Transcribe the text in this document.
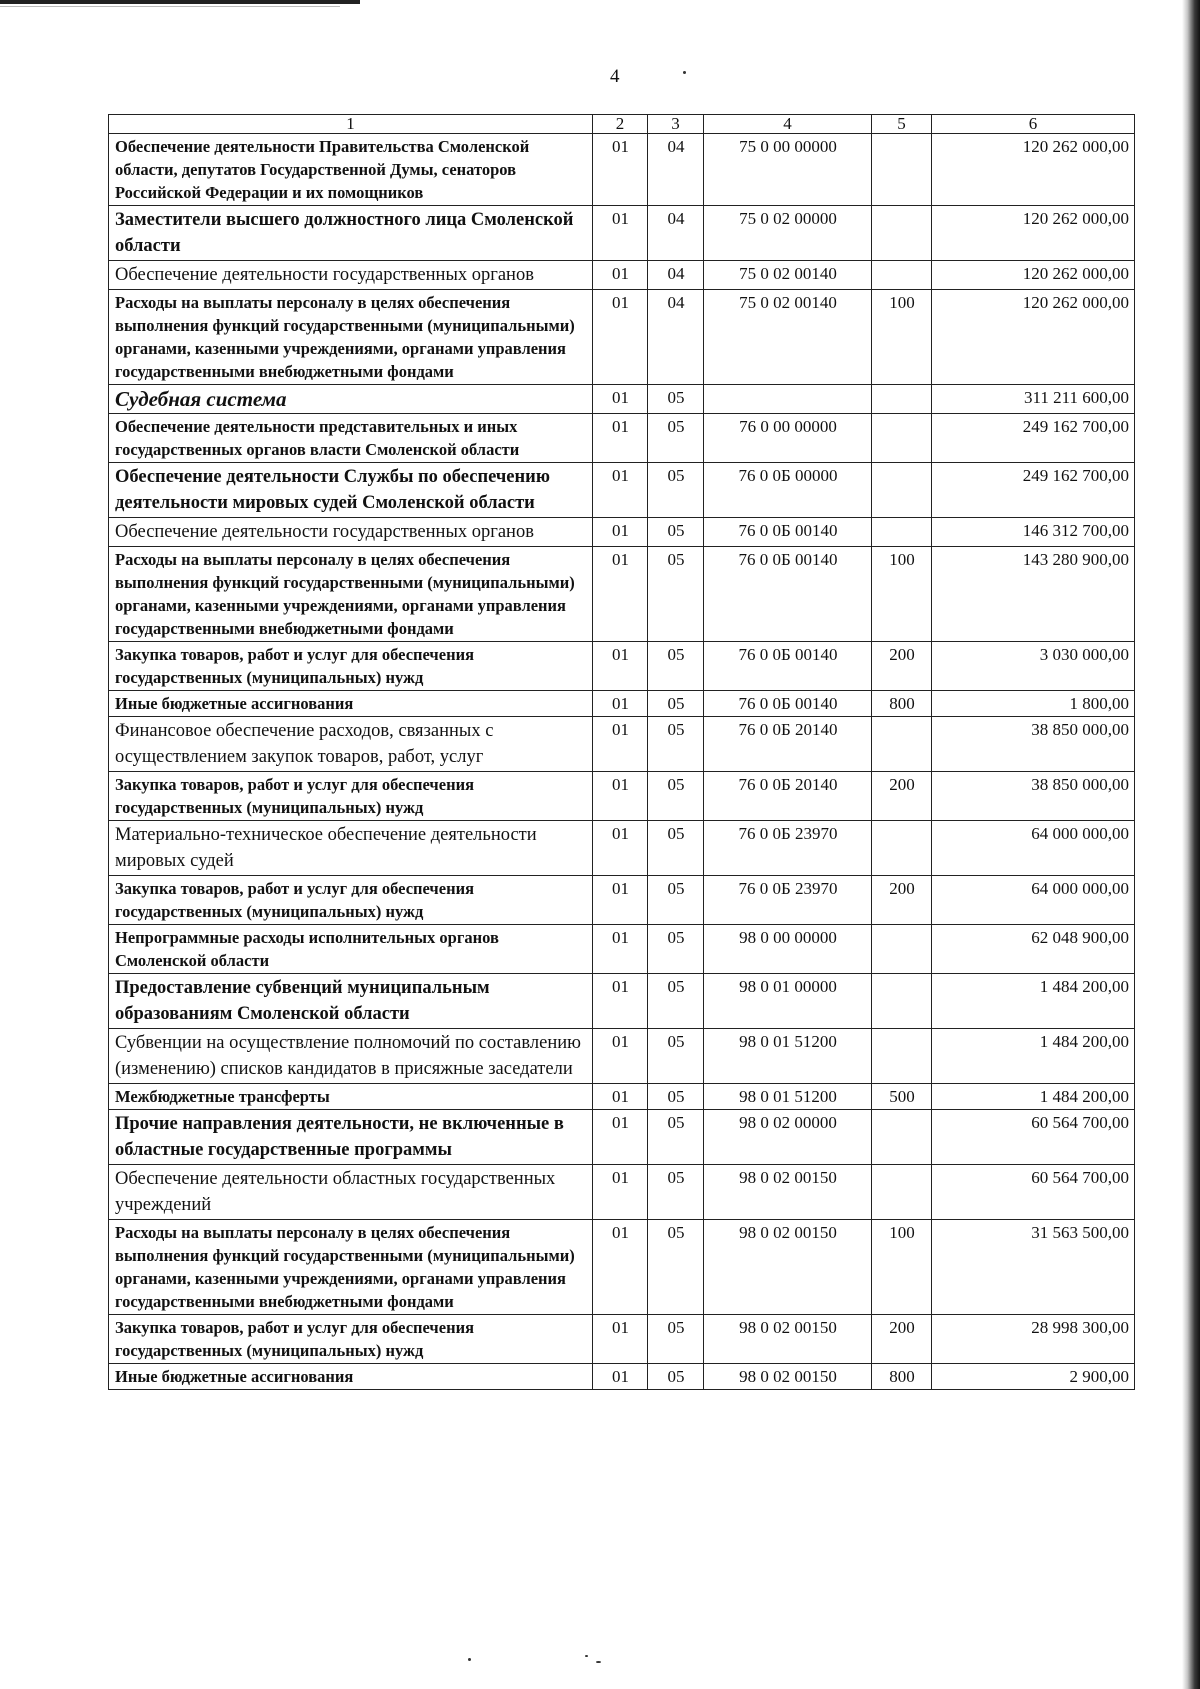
4
1	2	3	4	5	6
Обеспечение деятельности Правительства Смоленской области, депутатов Государственной Думы, сенаторов Российской Федерации и их помощников	01	04	75 0 00 00000		120 262 000,00
Заместители высшего должностного лица Смоленской области	01	04	75 0 02 00000		120 262 000,00
Обеспечение деятельности государственных органов	01	04	75 0 02 00140		120 262 000,00
Расходы на выплаты персоналу в целях обеспечения выполнения функций государственными (муниципальными) органами, казенными учреждениями, органами управления государственными внебюджетными фондами	01	04	75 0 02 00140	100	120 262 000,00
Судебная система	01	05			311 211 600,00
Обеспечение деятельности представительных и иных государственных органов власти Смоленской области	01	05	76 0 00 00000		249 162 700,00
Обеспечение деятельности Службы по обеспечению деятельности мировых судей Смоленской области	01	05	76 0 0Б 00000		249 162 700,00
Обеспечение деятельности государственных органов	01	05	76 0 0Б 00140		146 312 700,00
Расходы на выплаты персоналу в целях обеспечения выполнения функций государственными (муниципальными) органами, казенными учреждениями, органами управления государственными внебюджетными фондами	01	05	76 0 0Б 00140	100	143 280 900,00
Закупка товаров, работ и услуг для обеспечения государственных (муниципальных) нужд	01	05	76 0 0Б 00140	200	3 030 000,00
Иные бюджетные ассигнования	01	05	76 0 0Б 00140	800	1 800,00
Финансовое обеспечение расходов, связанных с осуществлением закупок товаров, работ, услуг	01	05	76 0 0Б 20140		38 850 000,00
Закупка товаров, работ и услуг для обеспечения государственных (муниципальных) нужд	01	05	76 0 0Б 20140	200	38 850 000,00
Материально-техническое обеспечение деятельности мировых судей	01	05	76 0 0Б 23970		64 000 000,00
Закупка товаров, работ и услуг для обеспечения государственных (муниципальных) нужд	01	05	76 0 0Б 23970	200	64 000 000,00
Непрограммные расходы исполнительных органов Смоленской области	01	05	98 0 00 00000		62 048 900,00
Предоставление субвенций муниципальным образованиям Смоленской области	01	05	98 0 01 00000		1 484 200,00
Субвенции на осуществление полномочий по составлению (изменению) списков кандидатов в присяжные заседатели	01	05	98 0 01 51200		1 484 200,00
Межбюджетные трансферты	01	05	98 0 01 51200	500	1 484 200,00
Прочие направления деятельности, не включенные в областные государственные программы	01	05	98 0 02 00000		60 564 700,00
Обеспечение деятельности областных государственных учреждений	01	05	98 0 02 00150		60 564 700,00
Расходы на выплаты персоналу в целях обеспечения выполнения функций государственными (муниципальными) органами, казенными учреждениями, органами управления государственными внебюджетными фондами	01	05	98 0 02 00150	100	31 563 500,00
Закупка товаров, работ и услуг для обеспечения государственных (муниципальных) нужд	01	05	98 0 02 00150	200	28 998 300,00
Иные бюджетные ассигнования	01	05	98 0 02 00150	800	2 900,00
